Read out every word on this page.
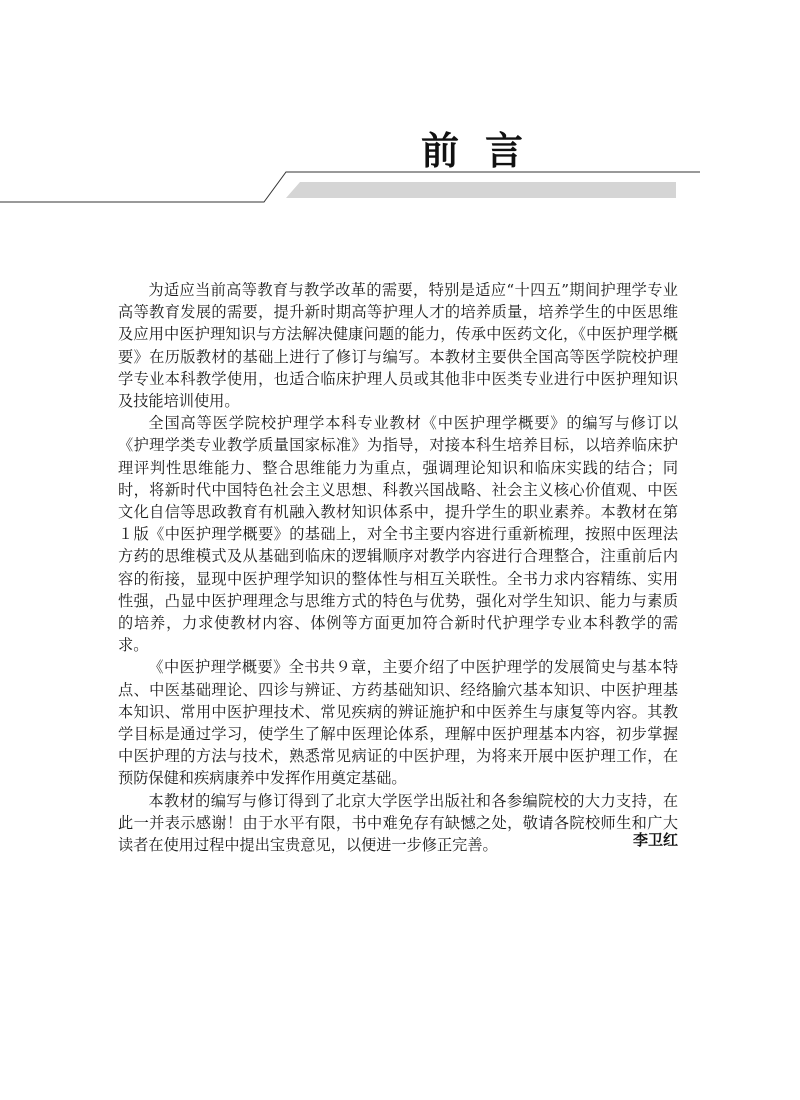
前言

为适应当前高等教育与教学改革的需要，特别是适应“十四五”期间护理学专业高等教育发展的需要，提升新时期高等护理人才的培养质量，培养学生的中医思维及应用中医护理知识与方法解决健康问题的能力，传承中医药文化，《中医护理学概要》在历版教材的基础上进行了修订与编写。本教材主要供全国高等医学院校护理学专业本科教学使用，也适合临床护理人员或其他非中医类专业进行中医护理知识及技能培训使用。

全国高等医学院校护理学本科专业教材《中医护理学概要》的编写与修订以《护理学类专业教学质量国家标准》为指导，对接本科生培养目标，以培养临床护理评判性思维能力、整合思维能力为重点，强调理论知识和临床实践的结合；同时，将新时代中国特色社会主义思想、科教兴国战略、社会主义核心价值观、中医文化自信等思政教育有机融入教材知识体系中，提升学生的职业素养。本教材在第１版《中医护理学概要》的基础上，对全书主要内容进行重新梳理，按照中医理法方药的思维模式及从基础到临床的逻辑顺序对教学内容进行合理整合，注重前后内容的衔接，显现中医护理学知识的整体性与相互关联性。全书力求内容精练、实用性强，凸显中医护理理念与思维方式的特色与优势，强化对学生知识、能力与素质的培养，力求使教材内容、体例等方面更加符合新时代护理学专业本科教学的需求。

《中医护理学概要》全书共９章，主要介绍了中医护理学的发展简史与基本特点、中医基础理论、四诊与辨证、方药基础知识、经络腧穴基本知识、中医护理基本知识、常用中医护理技术、常见疾病的辨证施护和中医养生与康复等内容。其教学目标是通过学习，使学生了解中医理论体系，理解中医护理基本内容，初步掌握中医护理的方法与技术，熟悉常见病证的中医护理，为将来开展中医护理工作，在预防保健和疾病康养中发挥作用奠定基础。

本教材的编写与修订得到了北京大学医学出版社和各参编院校的大力支持，在此一并表示感谢！由于水平有限，书中难免存有缺憾之处，敬请各院校师生和广大读者在使用过程中提出宝贵意见，以便进一步修正完善。	李卫红
